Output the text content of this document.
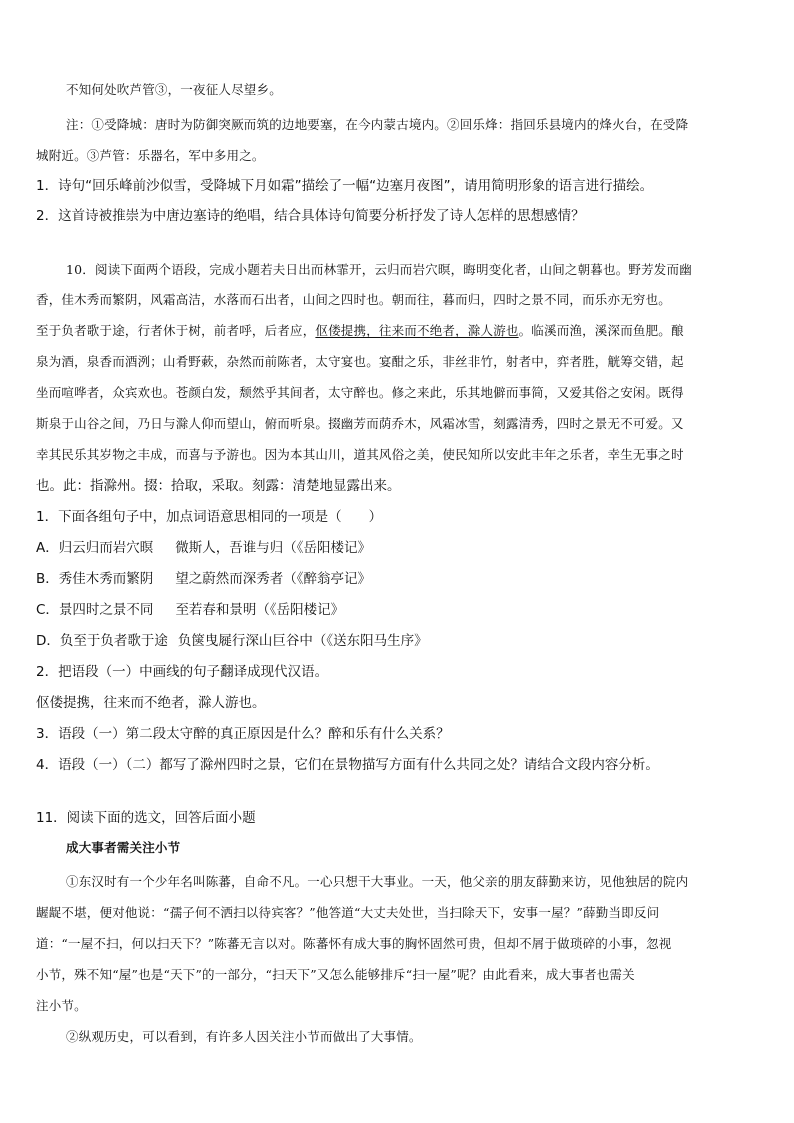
不知何处吹芦管③，一夜征人尽望乡。
注：①受降城：唐时为防御突厥而筑的边地要塞，在今内蒙古境内。②回乐烽：指回乐县境内的烽火台，在受降
城附近。③芦管：乐器名，军中多用之。
1．诗句“回乐峰前沙似雪，受降城下月如霜”描绘了一幅“边塞月夜图”，请用简明形象的语言进行描绘。
2．这首诗被推崇为中唐边塞诗的绝唱，结合具体诗句简要分析抒发了诗人怎样的思想感情？
10．阅读下面两个语段，完成小题若夫日出而林霏开，云归而岩穴暝，晦明变化者，山间之朝暮也。野芳发而幽
香，佳木秀而繁阴，风霜高洁，水落而石出者，山间之四时也。朝而往，暮而归，四时之景不同，而乐亦无穷也。
至于负者歌于途，行者休于树，前者呼，后者应，伛偻提携，往来而不绝者，滁人游也。临溪而渔，溪深而鱼肥。酿
泉为酒，泉香而酒洌；山肴野蔌，杂然而前陈者，太守宴也。宴酣之乐，非丝非竹，射者中，弈者胜，觥筹交错，起
坐而喧哗者，众宾欢也。苍颜白发，颓然乎其间者，太守醉也。修之来此，乐其地僻而事简，又爱其俗之安闲。既得
斯泉于山谷之间，乃日与滁人仰而望山，俯而听泉。掇幽芳而荫乔木，风霜冰雪，刻露清秀，四时之景无不可爱。又
幸其民乐其岁物之丰成，而喜与予游也。因为本其山川，道其风俗之美，使民知所以安此丰年之乐者，幸生无事之时
也。此：指滁州。掇：拾取，采取。刻露：清楚地显露出来。
1．下面各组句子中，加点词语意思相同的一项是（　　）
A．归云归而岩穴暝 微斯人，吾谁与归（《岳阳楼记》
B．秀佳木秀而繁阴 望之蔚然而深秀者（《醉翁亭记》
C．景四时之景不同 至若春和景明（《岳阳楼记》
D．负至于负者歌于途 负箧曳屣行深山巨谷中（《送东阳马生序》
2．把语段（一）中画线的句子翻译成现代汉语。
伛偻提携，往来而不绝者，滁人游也。
3．语段（一）第二段太守醉的真正原因是什么？醉和乐有什么关系？
4．语段（一）（二）都写了滁州四时之景，它们在景物描写方面有什么共同之处？请结合文段内容分析。
11．阅读下面的选文，回答后面小题
成大事者需关注小节
①东汉时有一个少年名叫陈蕃，自命不凡。一心只想干大事业。一天，他父亲的朋友薛勤来访，见他独居的院内
龌龊不堪，便对他说：“孺子何不洒扫以待宾客？”他答道“大丈夫处世，当扫除天下，安事一屋？”薛勤当即反问
道：“一屋不扫，何以扫天下？”陈蕃无言以对。陈蕃怀有成大事的胸怀固然可贵，但却不屑于做琐碎的小事，忽视
小节，殊不知“屋”也是“天下”的一部分，“扫天下”又怎么能够排斥“扫一屋”呢？由此看来，成大事者也需关
注小节。
②纵观历史，可以看到，有许多人因关注小节而做出了大事情。
